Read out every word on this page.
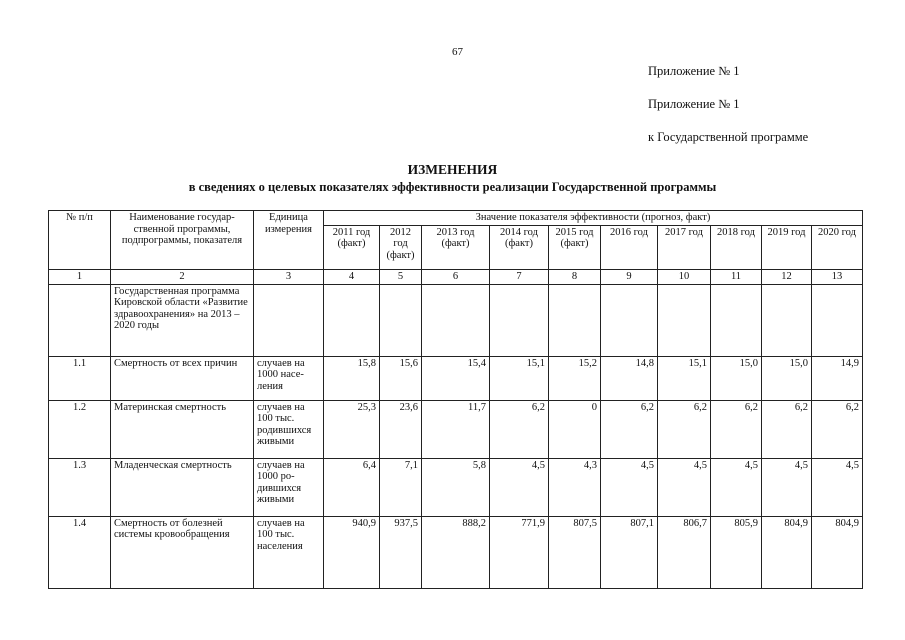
67
Приложение № 1
Приложение № 1
к Государственной программе
ИЗМЕНЕНИЯ
в сведениях о целевых показателях эффективности реализации Государственной программы
№ п/п	Наименование государственной программы, подпрограммы, показателя	Единица измерения	Значение показателя эффективности (прогноз, факт)									
			2011 год (факт)	2012 год (факт)	2013 год (факт)	2014 год (факт)	2015 год (факт)	2016 год	2017 год	2018 год	2019 год	2020 год
1	2	3	4	5	6	7	8	9	10	11	12	13
	Государственная программа Кировской области «Развитие здравоохранения» на 2013 – 2020 годы											
1.1	Смертность от всех причин	случаев на 1000 населения	15,8	15,6	15,4	15,1	15,2	14,8	15,1	15,0	15,0	14,9
1.2	Материнская смертность	случаев на 100 тыс. родившихся живыми	25,3	23,6	11,7	6,2	0	6,2	6,2	6,2	6,2	6,2
1.3	Младенческая смертность	случаев на 1000 родившихся живыми	6,4	7,1	5,8	4,5	4,3	4,5	4,5	4,5	4,5	4,5
1.4	Смертность от болезней системы кровообращения	случаев на 100 тыс. населения	940,9	937,5	888,2	771,9	807,5	807,1	806,7	805,9	804,9	804,9
